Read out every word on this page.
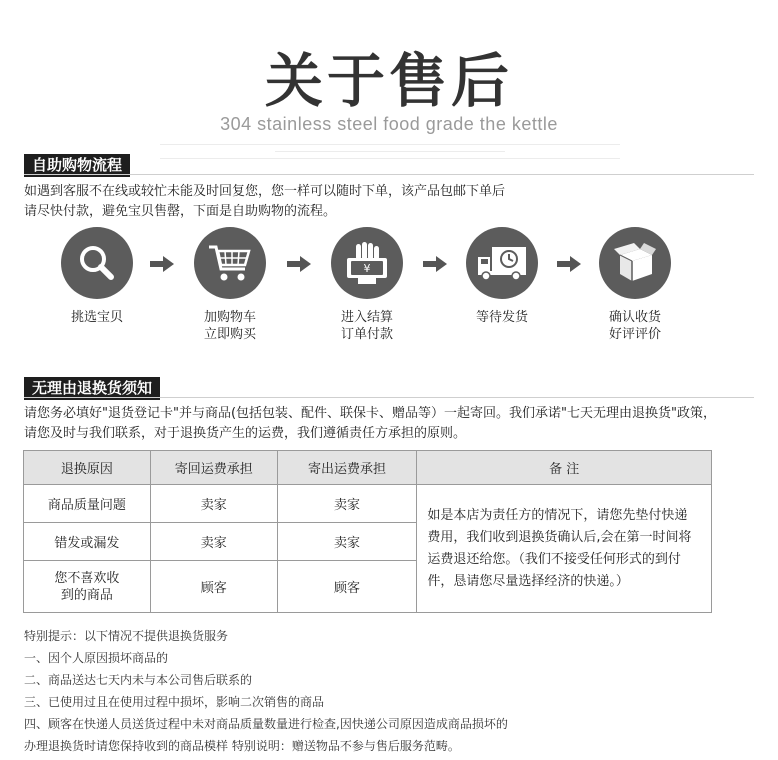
关于售后
304 stainless steel food grade the kettle
自助购物流程
如遇到客服不在线或较忙未能及时回复您，您一样可以随时下单，该产品包邮下单后
请尽快付款，避免宝贝售罄，下面是自助购物的流程。
挑选宝贝	加购物车
立即购买
¥
进入结算
订单付款
等待发货	确认收货
好评评价
无理由退换货须知
请您务必填好"退货登记卡"并与商品(包括包装、配件、联保卡、赠品等）一起寄回。我们承诺"七天无理由退换货"政策，
请您及时与我们联系，对于退换货产生的运费，我们遵循责任方承担的原则。
退换原因	寄回运费承担	寄出运费承担	备 注
商品质量问题	卖家	卖家	如是本店为责任方的情况下，请您先垫付快递
费用，我们收到退换货确认后,会在第一时间将
运费退还给您。（我们不接受任何形式的到付
件，恳请您尽量选择经济的快递。）

错发或漏发	卖家	卖家	

您不喜欢收
到的商品	顾客	顾客	
特别提示：以下情况不提供退换货服务
一、因个人原因损坏商品的
二、商品送达七天内未与本公司售后联系的
三、已使用过且在使用过程中损坏，影响二次销售的商品
四、顾客在快递人员送货过程中未对商品质量数量进行检查,因快递公司原因造成商品损坏的
办理退换货时请您保持收到的商品模样 特别说明：赠送物品不参与售后服务范畴。
